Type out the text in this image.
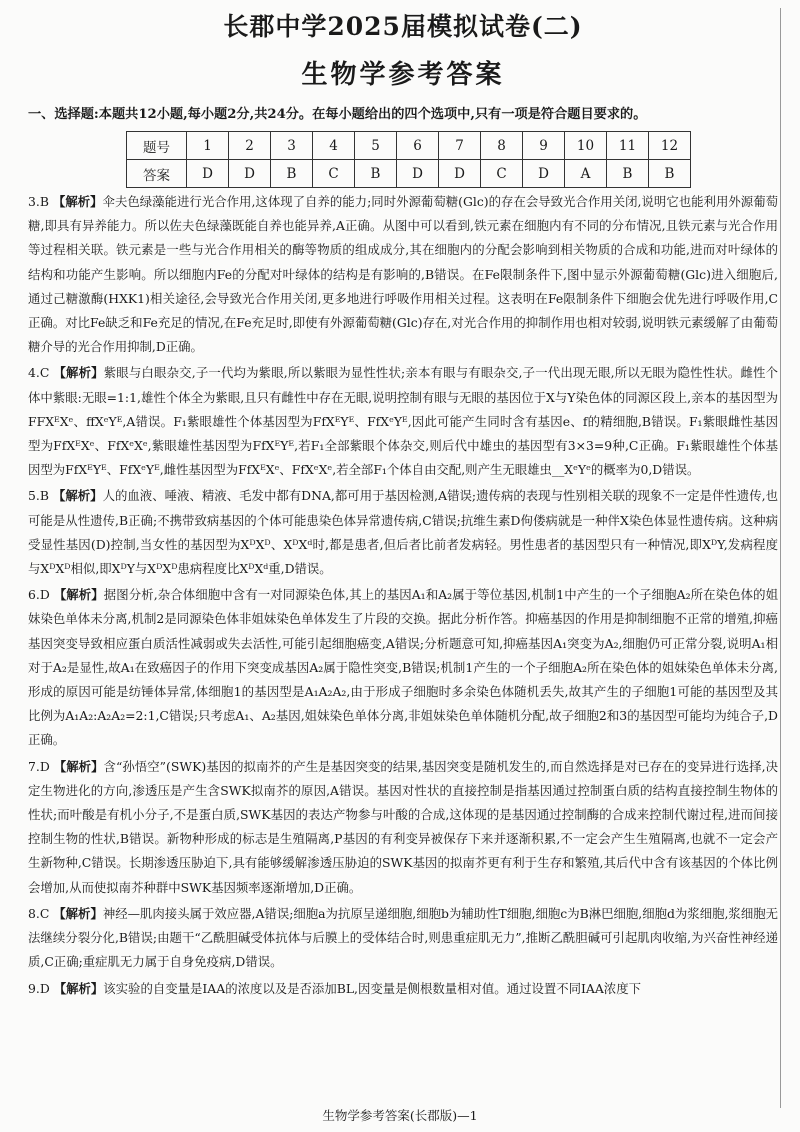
长郡中学2025届模拟试卷(二)
生物学参考答案
一、选择题:本题共12小题,每小题2分,共24分。在每小题给出的四个选项中,只有一项是符合题目要求的。
题号	1	2	3	4	5	6	7	8	9	10	11	12
答案	D	D	B	C	B	D	D	C	D	A	B	B
3.B 【解析】伞夫色绿藻能进行光合作用,这体现了自养的能力;同时外源葡萄糖(Glc)的存在会导致光合作用关闭,说明它也能利用外源葡萄糖,即具有异养能力。所以佐夫色绿藻既能自养也能异养,A正确。从图中可以看到,铁元素在细胞内有不同的分布情况,且铁元素与光合作用等过程相关联。铁元素是一些与光合作用相关的酶等物质的组成成分,其在细胞内的分配会影响到相关物质的合成和功能,进而对叶绿体的结构和功能产生影响。所以细胞内Fe的分配对叶绿体的结构是有影响的,B错误。在Fe限制条件下,图中显示外源葡萄糖(Glc)进入细胞后,通过己糖激酶(HXK1)相关途径,会导致光合作用关闭,更多地进行呼吸作用相关过程。这表明在Fe限制条件下细胞会优先进行呼吸作用,C正确。对比Fe缺乏和Fe充足的情况,在Fe充足时,即使有外源葡萄糖(Glc)存在,对光合作用的抑制作用也相对较弱,说明铁元素缓解了由葡萄糖介导的光合作用抑制,D正确。
4.C 【解析】紫眼与白眼杂交,子一代均为紫眼,所以紫眼为显性性状;亲本有眼与有眼杂交,子一代出现无眼,所以无眼为隐性性状。雌性个体中紫眼:无眼=1:1,雄性个体全为紫眼,且只有雌性中存在无眼,说明控制有眼与无眼的基因位于X与Y染色体的同源区段上,亲本的基因型为FFXᴱXᵉ、ffXᵉYᴱ,A错误。F₁紫眼雄性个体基因型为FfXᴱYᴱ、FfXᵉYᴱ,因此可能产生同时含有基因e、f的精细胞,B错误。F₁紫眼雌性基因型为FfXᴱXᵉ、FfXᵉXᵉ,紫眼雄性基因型为FfXᴱYᴱ,若F₁全部紫眼个体杂交,则后代中雄虫的基因型有3×3=9种,C正确。F₁紫眼雄性个体基因型为FfXᴱYᴱ、FfXᵉYᴱ,雌性基因型为FfXᴱXᵉ、FfXᵉXᵉ,若全部F₁个体自由交配,则产生无眼雄虫__XᵉYᵉ的概率为0,D错误。
5.B 【解析】人的血液、唾液、精液、毛发中都有DNA,都可用于基因检测,A错误;遗传病的表现与性别相关联的现象不一定是伴性遗传,也可能是从性遗传,B正确;不携带致病基因的个体可能患染色体异常遗传病,C错误;抗维生素D佝偻病就是一种伴X染色体显性遗传病。这种病受显性基因(D)控制,当女性的基因型为XᴰXᴰ、XᴰXᵈ时,都是患者,但后者比前者发病轻。男性患者的基因型只有一种情况,即XᴰY,发病程度与XᴰXᴰ相似,即XᴰY与XᴰXᴰ患病程度比XᴰXᵈ重,D错误。
6.D 【解析】据图分析,杂合体细胞中含有一对同源染色体,其上的基因A₁和A₂属于等位基因,机制1中产生的一个子细胞A₂所在染色体的姐妹染色单体未分离,机制2是同源染色体非姐妹染色单体发生了片段的交换。据此分析作答。抑癌基因的作用是抑制细胞不正常的增殖,抑癌基因突变导致相应蛋白质活性减弱或失去活性,可能引起细胞癌变,A错误;分析题意可知,抑癌基因A₁突变为A₂,细胞仍可正常分裂,说明A₁相对于A₂是显性,故A₁在致癌因子的作用下突变成基因A₂属于隐性突变,B错误;机制1产生的一个子细胞A₂所在染色体的姐妹染色单体未分离,形成的原因可能是纺锤体异常,体细胞1的基因型是A₁A₂A₂,由于形成子细胞时多余染色体随机丢失,故其产生的子细胞1可能的基因型及其比例为A₁A₂:A₂A₂=2:1,C错误;只考虑A₁、A₂基因,姐妹染色单体分离,非姐妹染色单体随机分配,故子细胞2和3的基因型可能均为纯合子,D正确。
7.D 【解析】含“孙悟空”(SWK)基因的拟南芥的产生是基因突变的结果,基因突变是随机发生的,而自然选择是对已存在的变异进行选择,决定生物进化的方向,渗透压是产生含SWK拟南芥的原因,A错误。基因对性状的直接控制是指基因通过控制蛋白质的结构直接控制生物体的性状;而叶酸是有机小分子,不是蛋白质,SWK基因的表达产物参与叶酸的合成,这体现的是基因通过控制酶的合成来控制代谢过程,进而间接控制生物的性状,B错误。新物种形成的标志是生殖隔离,P基因的有利变异被保存下来并逐渐积累,不一定会产生生殖隔离,也就不一定会产生新物种,C错误。长期渗透压胁迫下,具有能够缓解渗透压胁迫的SWK基因的拟南芥更有利于生存和繁殖,其后代中含有该基因的个体比例会增加,从而使拟南芥种群中SWK基因频率逐渐增加,D正确。
8.C 【解析】神经—肌肉接头属于效应器,A错误;细胞a为抗原呈递细胞,细胞b为辅助性T细胞,细胞c为B淋巴细胞,细胞d为浆细胞,浆细胞无法继续分裂分化,B错误;由题干“乙酰胆碱受体抗体与后膜上的受体结合时,则患重症肌无力”,推断乙酰胆碱可引起肌肉收缩,为兴奋性神经递质,C正确;重症肌无力属于自身免疫病,D错误。
9.D 【解析】该实验的自变量是IAA的浓度以及是否添加BL,因变量是侧根数量相对值。通过设置不同IAA浓度下
生物学参考答案(长郡版)—1
